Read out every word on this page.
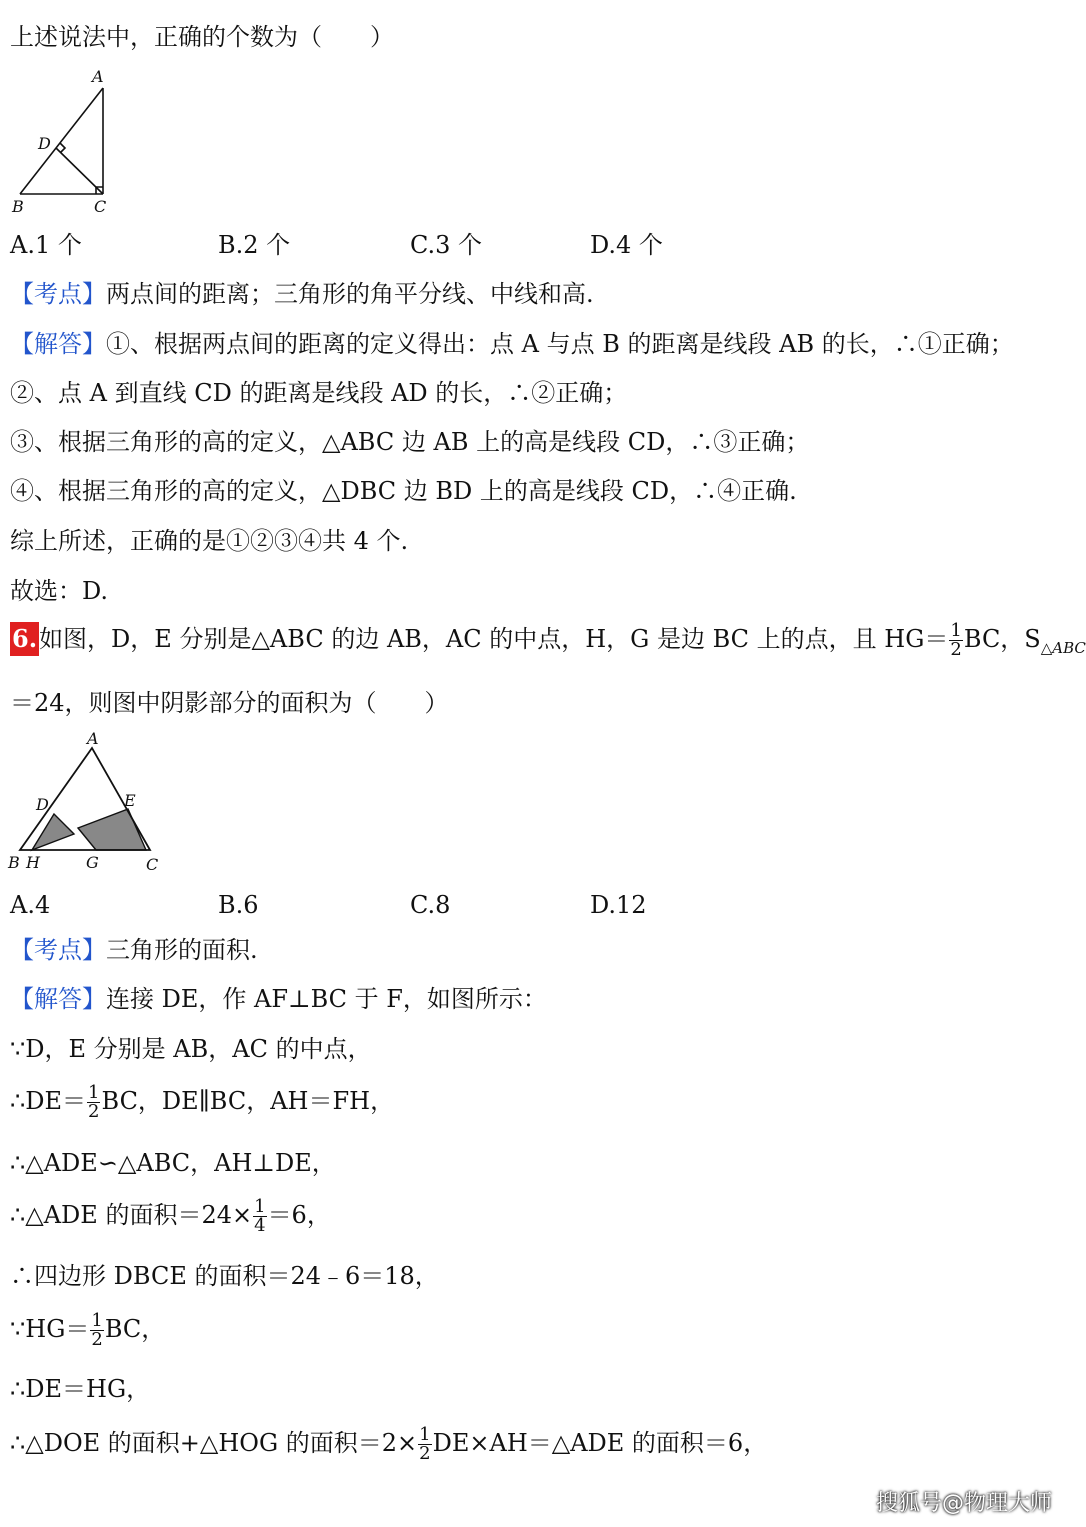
上述说法中，正确的个数为（　　）
A
D
B	C
A.1 个	B.2 个	C.3 个	D.4 个
【考点】两点间的距离；三角形的角平分线、中线和高.
【解答】①、根据两点间的距离的定义得出：点 A 与点 B 的距离是线段 AB 的长，∴①正确；
②、点 A 到直线 CD 的距离是线段 AD 的长，∴②正确；
③、根据三角形的高的定义，△ABC 边 AB 上的高是线段 CD，∴③正确；
④、根据三角形的高的定义，△DBC 边 BD 上的高是线段 CD，∴④正确.
综上所述，正确的是①②③④共 4 个.
故选：D.
6.如图，D，E 分别是△ABC 的边 AB，AC 的中点，H，G 是边 BC 上的点，且 $HG= \frac{1}{2}$ BC，$S_{\triangle ABC}$
＝24，则图中阴影部分的面积为（　　）
A
D	E
B H	G	C
A.4	B.6	C.8	D.12
【考点】三角形的面积.
【解答】连接 DE，作 AF⊥BC 于 F，如图所示：
∵D，E 分别是 AB，AC 的中点，
∴DE＝ $\frac{1}{2}$ BC，DE∥BC，AH＝FH，
∴△ADE∽△ABC，AH⊥DE，
∴△ADE 的面积$=24\times \frac{1}{4} =6$，
∴四边形 DBCE 的面积＝24﹣6＝18，
∵HG＝ $\frac{1}{2}$ BC，
∴DE＝HG，
∴△DOE 的面积+△HOG 的面积$=2\times \frac{1}{2}$ DE×AH＝△ADE 的面积＝6，
搜狐号@物理大师
